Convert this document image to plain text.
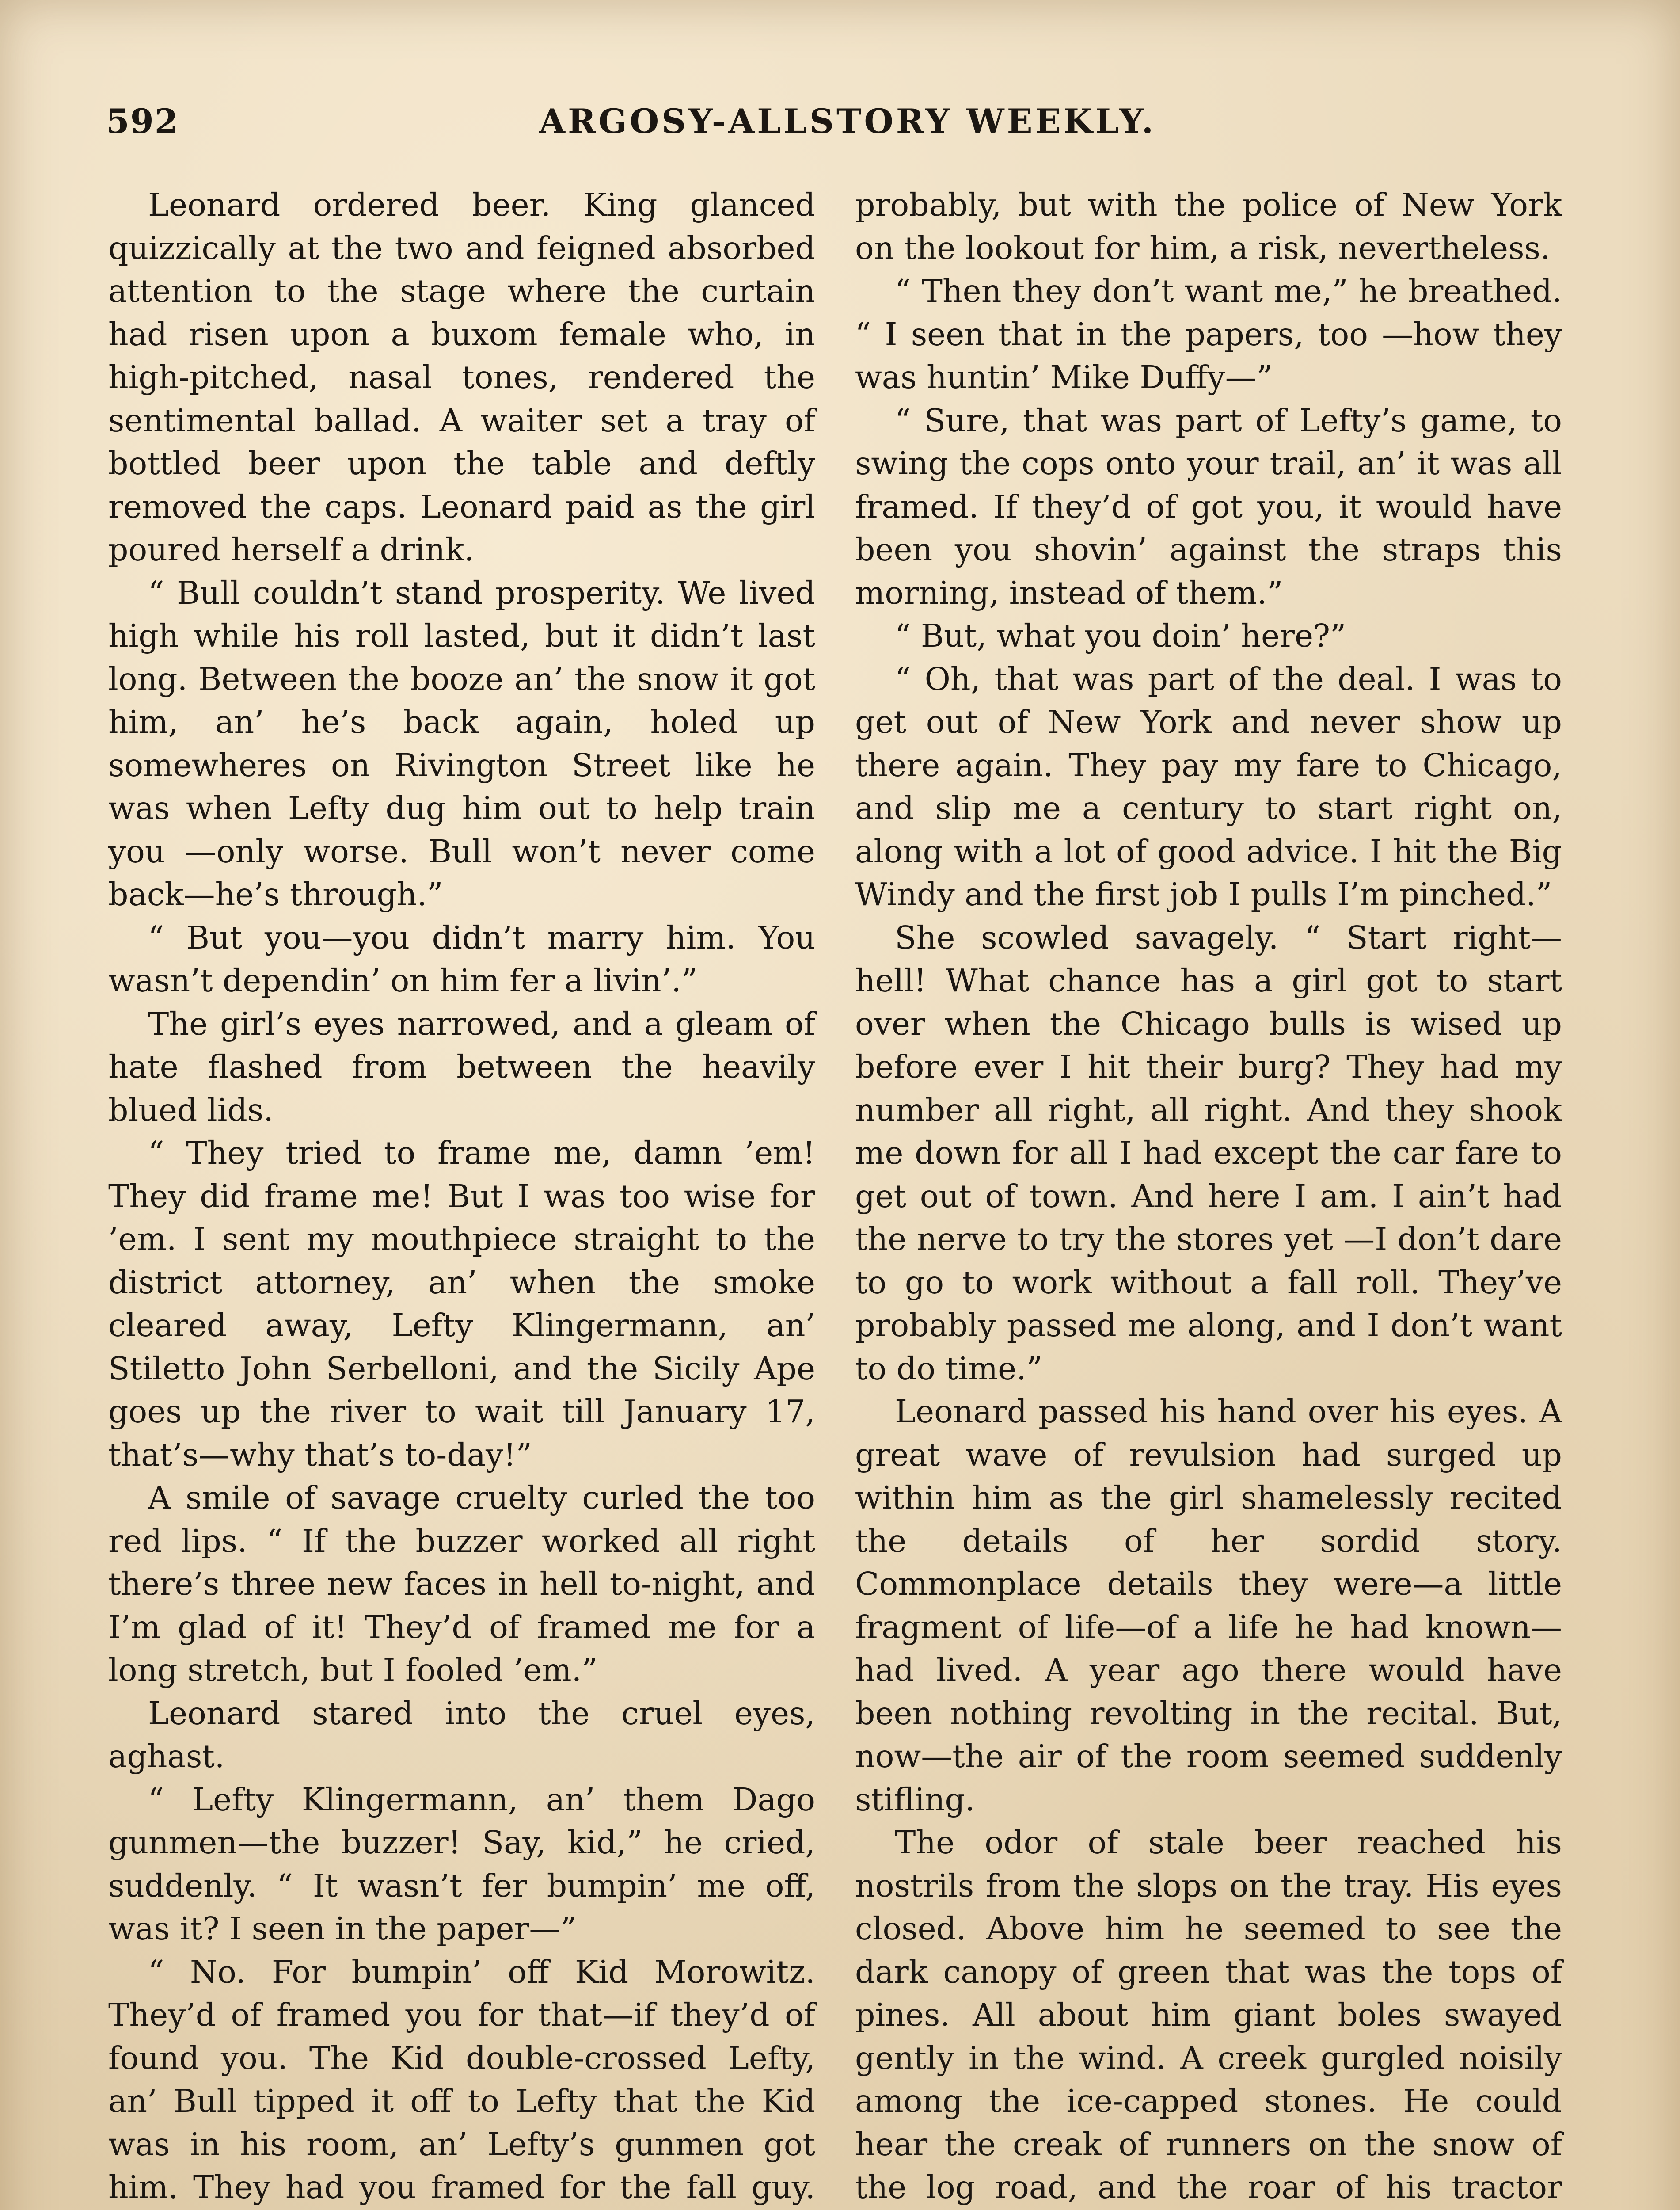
592	ARGOSY-ALLSTORY WEEKLY.

Leonard ordered beer. King glanced quizzically at the two and feigned absorbed attention to the stage where the curtain had risen upon a buxom female who, in high-pitched, nasal tones, rendered the sentimental ballad. A waiter set a tray of bottled beer upon the table and deftly removed the caps. Leonard paid as the girl poured herself a drink.

“ Bull couldn’t stand prosperity. We lived high while his roll lasted, but it didn’t last long. Between the booze an’ the snow it got him, an’ he’s back again, holed up somewheres on Rivington Street like he was when Lefty dug him out to help train you —only worse. Bull won’t never come back—he’s through.”

“ But you—you didn’t marry him. You wasn’t dependin’ on him fer a livin’.”

The girl’s eyes narrowed, and a gleam of hate flashed from between the heavily blued lids.

“ They tried to frame me, damn ’em! They did frame me! But I was too wise for ’em. I sent my mouthpiece straight to the district attorney, an’ when the smoke cleared away, Lefty Klingermann, an’ Stiletto John Serbelloni, and the Sicily Ape goes up the river to wait till January 17, that’s—why that’s to-day!”

A smile of savage cruelty curled the too red lips. “ If the buzzer worked all right there’s three new faces in hell to-night, and I’m glad of it! They’d of framed me for a long stretch, but I fooled ’em.”

Leonard stared into the cruel eyes, aghast.

“ Lefty Klingermann, an’ them Dago gunmen—the buzzer! Say, kid,” he cried, suddenly. “ It wasn’t fer bumpin’ me off, was it? I seen in the paper—”

“ No. For bumpin’ off Kid Morowitz. They’d of framed you for that—if they’d of found you. The Kid double-crossed Lefty, an’ Bull tipped it off to Lefty that the Kid was in his room, an’ Lefty’s gunmen got him. They had you framed for the fall guy.

probably, but with the police of New York on the lookout for him, a risk, nevertheless.

“ Then they don’t want me,” he breathed. “ I seen that in the papers, too —how they was huntin’ Mike Duffy—”

“ Sure, that was part of Lefty’s game, to swing the cops onto your trail, an’ it was all framed. If they’d of got you, it would have been you shovin’ against the straps this morning, instead of them.”

“ But, what you doin’ here?”

“ Oh, that was part of the deal. I was to get out of New York and never show up there again. They pay my fare to Chicago, and slip me a century to start right on, along with a lot of good advice. I hit the Big Windy and the first job I pulls I’m pinched.”

She scowled savagely. “ Start right— hell! What chance has a girl got to start over when the Chicago bulls is wised up before ever I hit their burg? They had my number all right, all right. And they shook me down for all I had except the car fare to get out of town. And here I am. I ain’t had the nerve to try the stores yet —I don’t dare to go to work without a fall roll. They’ve probably passed me along, and I don’t want to do time.”

Leonard passed his hand over his eyes. A great wave of revulsion had surged up within him as the girl shamelessly recited the details of her sordid story. Commonplace details they were—a little fragment of life—of a life he had known—had lived. A year ago there would have been nothing revolting in the recital. But, now—the air of the room seemed suddenly stifling.

The odor of stale beer reached his nostrils from the slops on the tray. His eyes closed. Above him he seemed to see the dark canopy of green that was the tops of pines. All about him giant boles swayed gently in the wind. A creek gurgled noisily among the ice-capped stones. He could hear the creak of runners on the snow of the log road, and the roar of his tractor
